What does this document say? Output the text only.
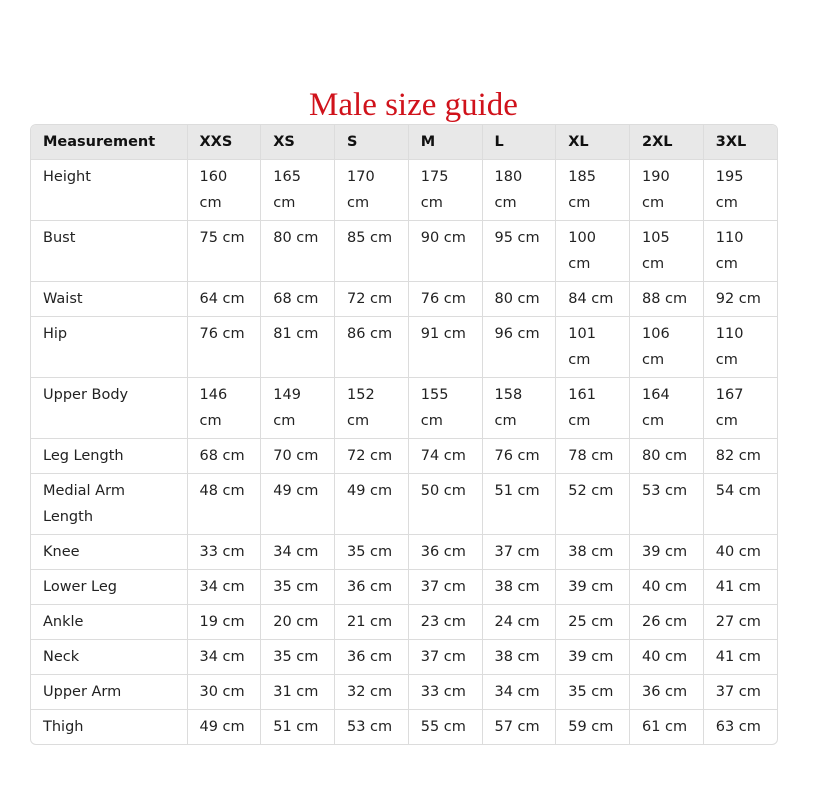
Male size guide
Measurement	XXS	XS	S	M	L	XL	2XL	3XL
Height	160 cm	165 cm	170 cm	175 cm	180 cm	185 cm	190 cm	195 cm
Bust	75 cm	80 cm	85 cm	90 cm	95 cm	100 cm	105 cm	110 cm
Waist	64 cm	68 cm	72 cm	76 cm	80 cm	84 cm	88 cm	92 cm
Hip	76 cm	81 cm	86 cm	91 cm	96 cm	101 cm	106 cm	110 cm
Upper Body	146 cm	149 cm	152 cm	155 cm	158 cm	161 cm	164 cm	167 cm
Leg Length	68 cm	70 cm	72 cm	74 cm	76 cm	78 cm	80 cm	82 cm
Medial Arm Length	48 cm	49 cm	49 cm	50 cm	51 cm	52 cm	53 cm	54 cm
Knee	33 cm	34 cm	35 cm	36 cm	37 cm	38 cm	39 cm	40 cm
Lower Leg	34 cm	35 cm	36 cm	37 cm	38 cm	39 cm	40 cm	41 cm
Ankle	19 cm	20 cm	21 cm	23 cm	24 cm	25 cm	26 cm	27 cm
Neck	34 cm	35 cm	36 cm	37 cm	38 cm	39 cm	40 cm	41 cm
Upper Arm	30 cm	31 cm	32 cm	33 cm	34 cm	35 cm	36 cm	37 cm
Thigh	49 cm	51 cm	53 cm	55 cm	57 cm	59 cm	61 cm	63 cm
